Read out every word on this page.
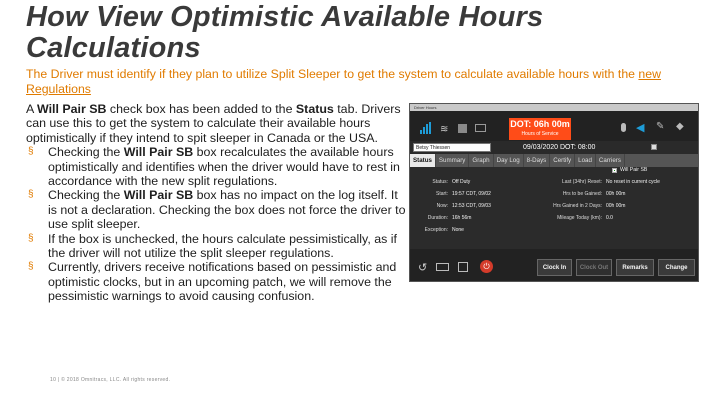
How View Optimistic Available Hours Calculations
The Driver must identify if they plan to utilize Split Sleeper to get the system to calculate available hours with the new Regulations

A Will Pair SB check box has been added to the Status tab. Drivers can use this to get the system to calculate their available hours optimistically if they intend to spit sleeper in Canada or the USA.

§ Checking the Will Pair SB box recalculates the available hours optimistically and identifies when the driver would have to rest in accordance with the new split regulations.
§ Checking the Will Pair SB box has no impact on the log itself. It is not a declaration. Checking the box does not force the driver to use split sleeper.
§ If the box is unchecked, the hours calculate pessimistically, as if the driver will not utilize the split sleeper regulations.
§ Currently, drivers receive notifications based on pessimistic and optimistic clocks, but in an upcoming patch, we will remove the pessimistic warnings to avoid causing confusion.
10 | © 2018 Omnitracs, LLC. All rights reserved.
Driver Hours
≋	DOT: 06h 00m
Hours of Service	◀ ✎ ◆
Betsy Thiessen	09/03/2020 DOT: 08:00
Status	Summary	Graph	Day Log	8-Days	Certify	Load	Carriers
Status: Off Duty
Start: 19:57 CDT, 09/02
Now: 12:53 CDT, 09/03
Duration: 16h 56m
Exception: None
Last (34hr) Reset: No reset in current cycle
Hrs to be Gained: 00h 00m
Hrs Gained in 2 Days: 00h 00m
Mileage Today (km): 0.0
Will Pair SB
↺	⏻	Clock In	Clock Out	Remarks	Change
